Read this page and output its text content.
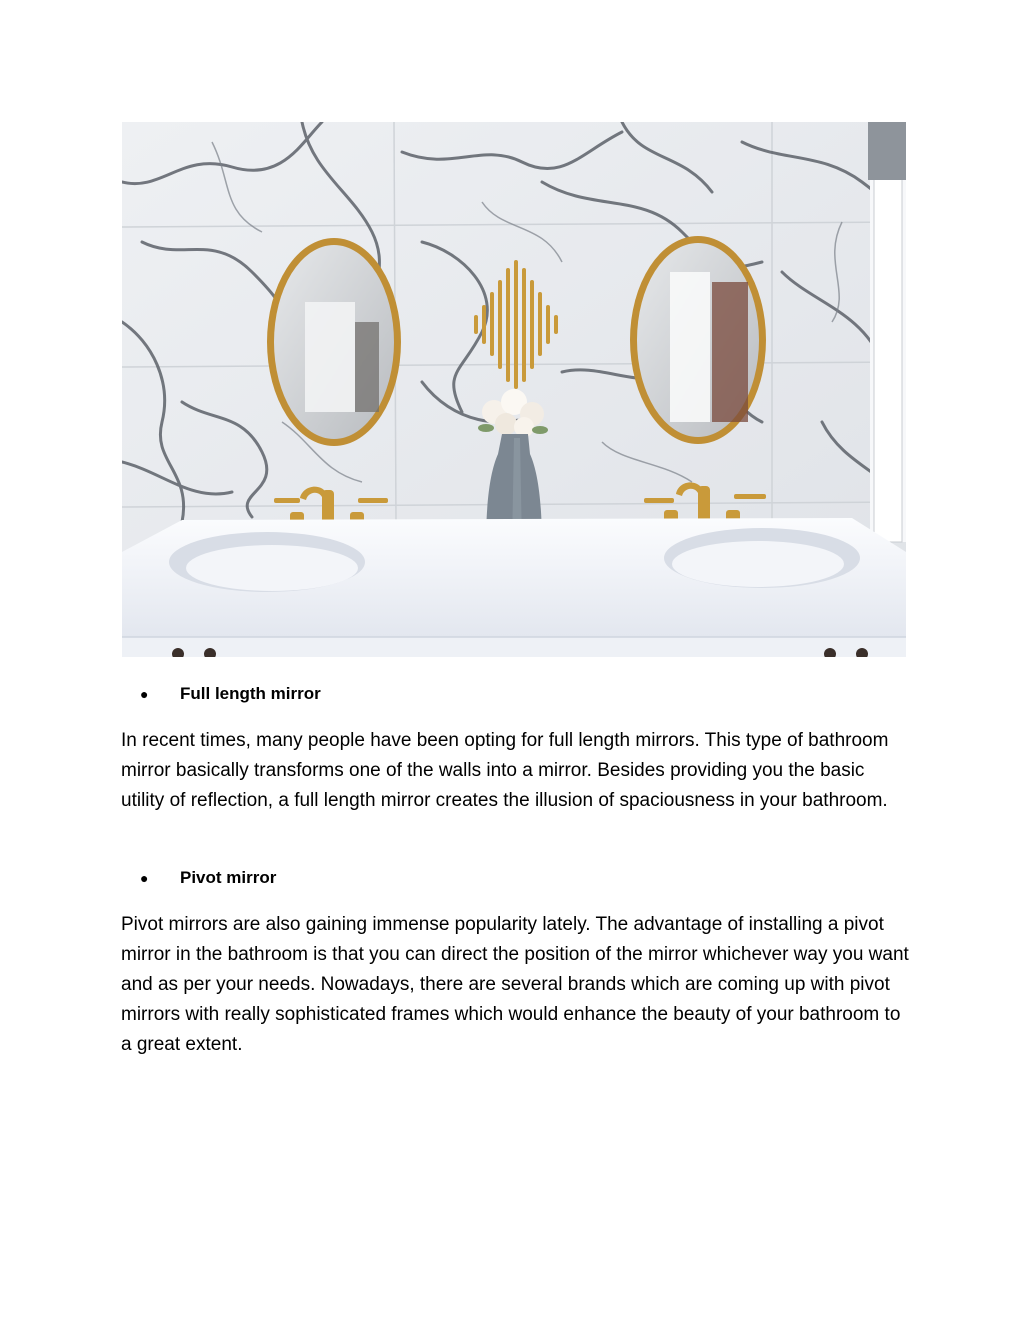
● Full length mirror

In recent times, many people have been opting for full length mirrors. This type of bathroom mirror basically transforms one of the walls into a mirror. Besides providing you the basic utility of reflection, a full length mirror creates the illusion of spaciousness in your bathroom.

● Pivot mirror

Pivot mirrors are also gaining immense popularity lately. The advantage of installing a pivot mirror in the bathroom is that you can direct the position of the mirror whichever way you want and as per your needs. Nowadays, there are several brands which are coming up with pivot mirrors with really sophisticated frames which would enhance the beauty of your bathroom to a great extent.
